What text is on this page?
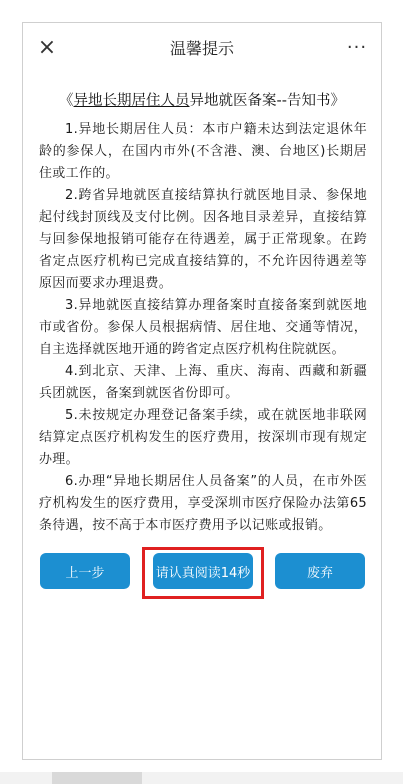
×	温馨提示	···
《异地长期居住人员异地就医备案--告知书》

1.异地长期居住人员：本市户籍未达到法定退休年龄的参保人，在国内市外(不含港、澳、台地区)长期居住或工作的。

2.跨省异地就医直接结算执行就医地目录、参保地起付线封顶线及支付比例。因各地目录差异，直接结算与回参保地报销可能存在待遇差，属于正常现象。在跨省定点医疗机构已完成直接结算的，不允许因待遇差等原因而要求办理退费。

3.异地就医直接结算办理备案时直接备案到就医地市或省份。参保人员根据病情、居住地、交通等情况，自主选择就医地开通的跨省定点医疗机构住院就医。

4.到北京、天津、上海、重庆、海南、西藏和新疆兵团就医，备案到就医省份即可。

5.未按规定办理登记备案手续，或在就医地非联网结算定点医疗机构发生的医疗费用，按深圳市现有规定办理。

6.办理“异地长期居住人员备案”的人员，在市外医疗机构发生的医疗费用，享受深圳市医疗保险办法第65条待遇，按不高于本市医疗费用予以记账或报销。

上一步	请认真阅读14秒	废弃
